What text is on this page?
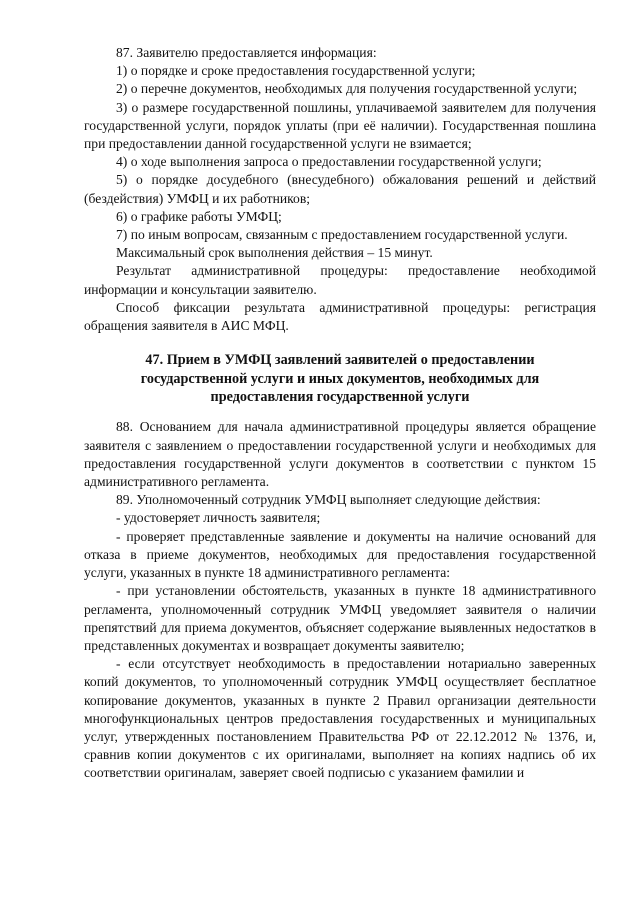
87. Заявителю предоставляется информация:

1) о порядке и сроке предоставления государственной услуги;

2) о перечне документов, необходимых для получения государственной услуги;

3) о размере государственной пошлины, уплачиваемой заявителем для получения государственной услуги, порядок уплаты (при её наличии). Государственная пошлина при предоставлении данной государственной услуги не взимается;

4) о ходе выполнения запроса о предоставлении государственной услуги;

5) о порядке досудебного (внесудебного) обжалования решений и действий (бездействия) УМФЦ и их работников;

6) о графике работы УМФЦ;

7) по иным вопросам, связанным с предоставлением государственной услуги.

Максимальный срок выполнения действия – 15 минут.

Результат административной процедуры: предоставление необходимой информации и консультации заявителю.

Способ фиксации результата административной процедуры: регистрация обращения заявителя в АИС МФЦ.

47. Прием в УМФЦ заявлений заявителей о предоставлении государственной услуги и иных документов, необходимых для предоставления государственной услуги

88. Основанием для начала административной процедуры является обращение заявителя с заявлением о предоставлении государственной услуги и необходимых для предоставления государственной услуги документов в соответствии с пунктом 15 административного регламента.

89. Уполномоченный сотрудник УМФЦ выполняет следующие действия:

- удостоверяет личность заявителя;

- проверяет представленные заявление и документы на наличие оснований для отказа в приеме документов, необходимых для предоставления государственной услуги, указанных в пункте 18 административного регламента:

- при установлении обстоятельств, указанных в пункте 18 административного регламента, уполномоченный сотрудник УМФЦ уведомляет заявителя о наличии препятствий для приема документов, объясняет содержание выявленных недостатков в представленных документах и возвращает документы заявителю;

- если отсутствует необходимость в предоставлении нотариально заверенных копий документов, то уполномоченный сотрудник УМФЦ осуществляет бесплатное копирование документов, указанных в пункте 2 Правил организации деятельности многофункциональных центров предоставления государственных и муниципальных услуг, утвержденных постановлением Правительства РФ от 22.12.2012 № 1376, и, сравнив копии документов с их оригиналами, выполняет на копиях надпись об их соответствии оригиналам, заверяет своей подписью с указанием фамилии и
